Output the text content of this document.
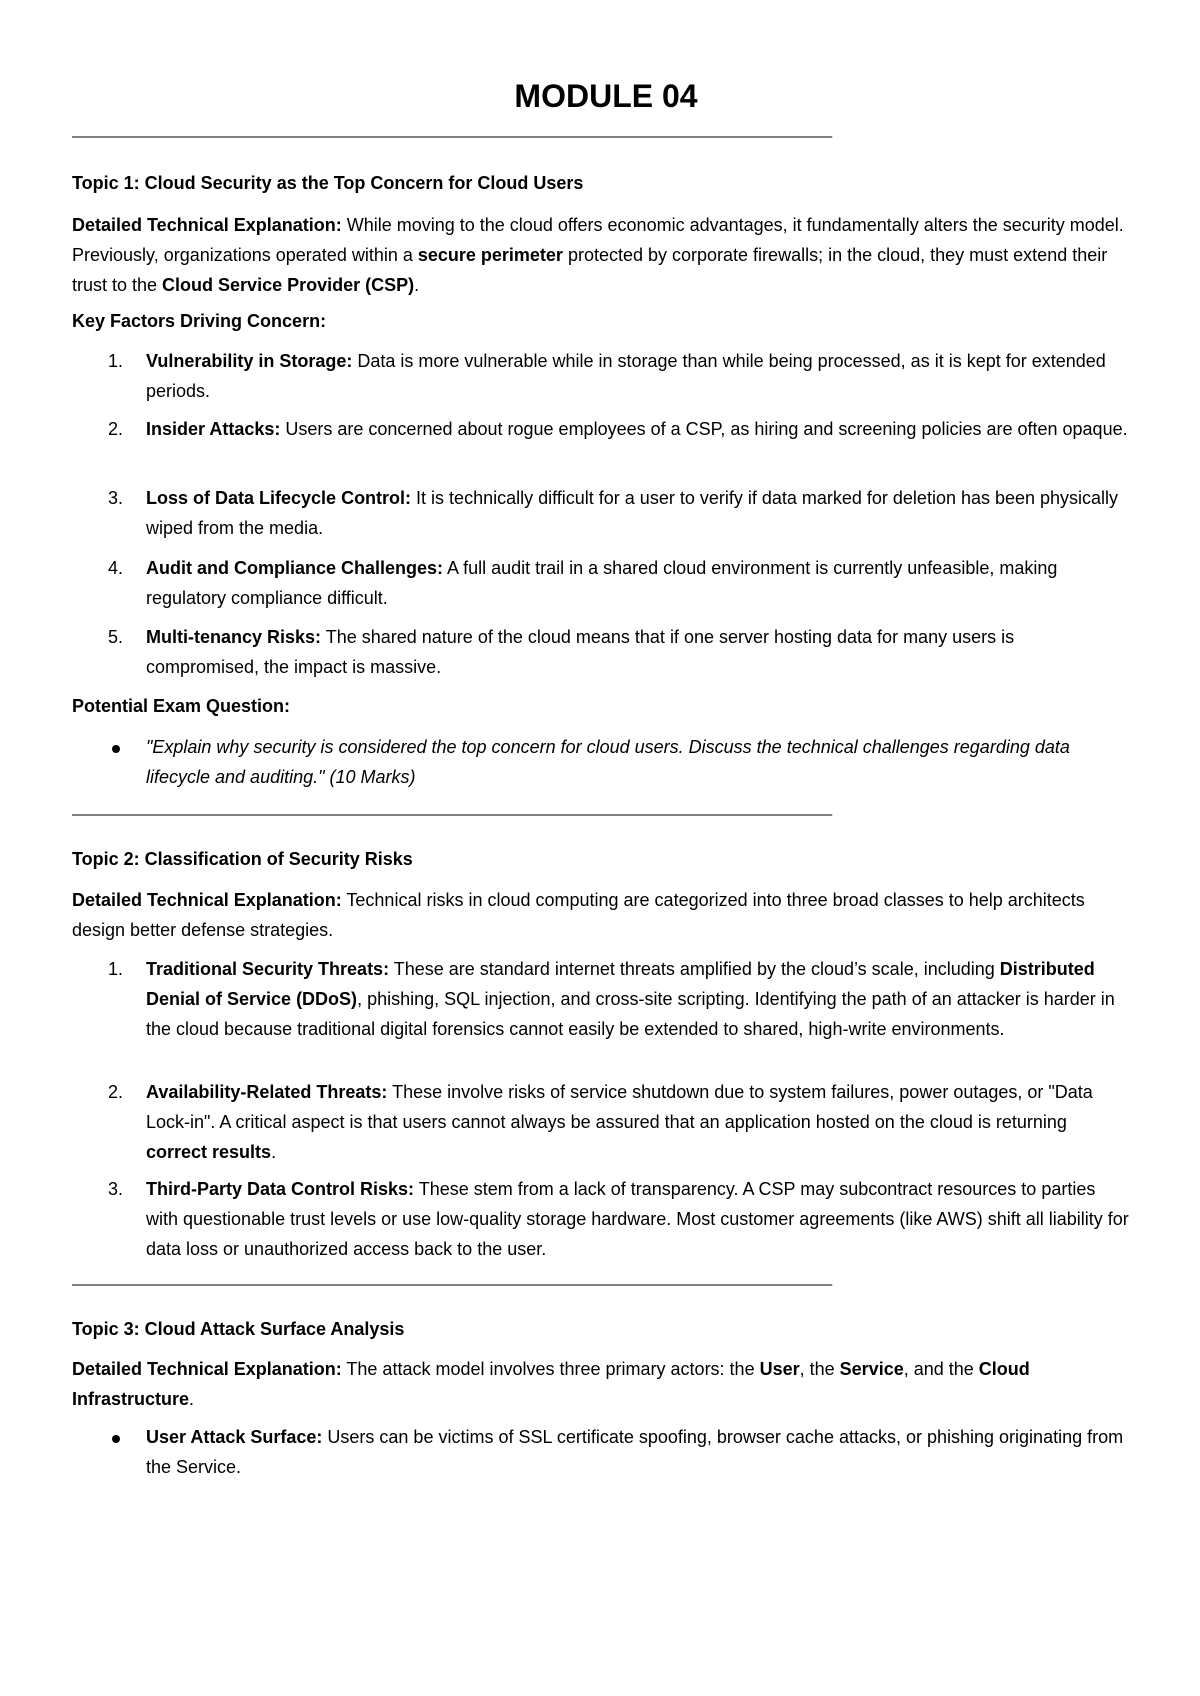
MODULE 04
———————————————————————————————————————————————————————
Topic 1: Cloud Security as the Top Concern for Cloud Users
Detailed Technical Explanation: While moving to the cloud offers economic advantages, it fundamentally alters the security model. Previously, organizations operated within a secure perimeter protected by corporate firewalls; in the cloud, they must extend their trust to the Cloud Service Provider (CSP).
Key Factors Driving Concern:
1.	Vulnerability in Storage: Data is more vulnerable while in storage than while being processed, as it is kept for extended periods.
2.	Insider Attacks: Users are concerned about rogue employees of a CSP, as hiring and screening policies are often opaque.
3.	Loss of Data Lifecycle Control: It is technically difficult for a user to verify if data marked for deletion has been physically wiped from the media.
4.	Audit and Compliance Challenges: A full audit trail in a shared cloud environment is currently unfeasible, making regulatory compliance difficult.
5.	Multi-tenancy Risks: The shared nature of the cloud means that if one server hosting data for many users is compromised, the impact is massive.
Potential Exam Question:
"Explain why security is considered the top concern for cloud users. Discuss the technical challenges regarding data lifecycle and auditing." (10 Marks)
———————————————————————————————————————————————————————
Topic 2: Classification of Security Risks
Detailed Technical Explanation: Technical risks in cloud computing are categorized into three broad classes to help architects design better defense strategies.
1.	Traditional Security Threats: These are standard internet threats amplified by the cloud’s scale, including Distributed Denial of Service (DDoS), phishing, SQL injection, and cross-site scripting. Identifying the path of an attacker is harder in the cloud because traditional digital forensics cannot easily be extended to shared, high-write environments.
2.	Availability-Related Threats: These involve risks of service shutdown due to system failures, power outages, or "Data Lock-in". A critical aspect is that users cannot always be assured that an application hosted on the cloud is returning correct results.
3.	Third-Party Data Control Risks: These stem from a lack of transparency. A CSP may subcontract resources to parties with questionable trust levels or use low-quality storage hardware. Most customer agreements (like AWS) shift all liability for data loss or unauthorized access back to the user.
———————————————————————————————————————————————————————
Topic 3: Cloud Attack Surface Analysis
Detailed Technical Explanation: The attack model involves three primary actors: the User, the Service, and the Cloud Infrastructure.
User Attack Surface: Users can be victims of SSL certificate spoofing, browser cache attacks, or phishing originating from the Service.
